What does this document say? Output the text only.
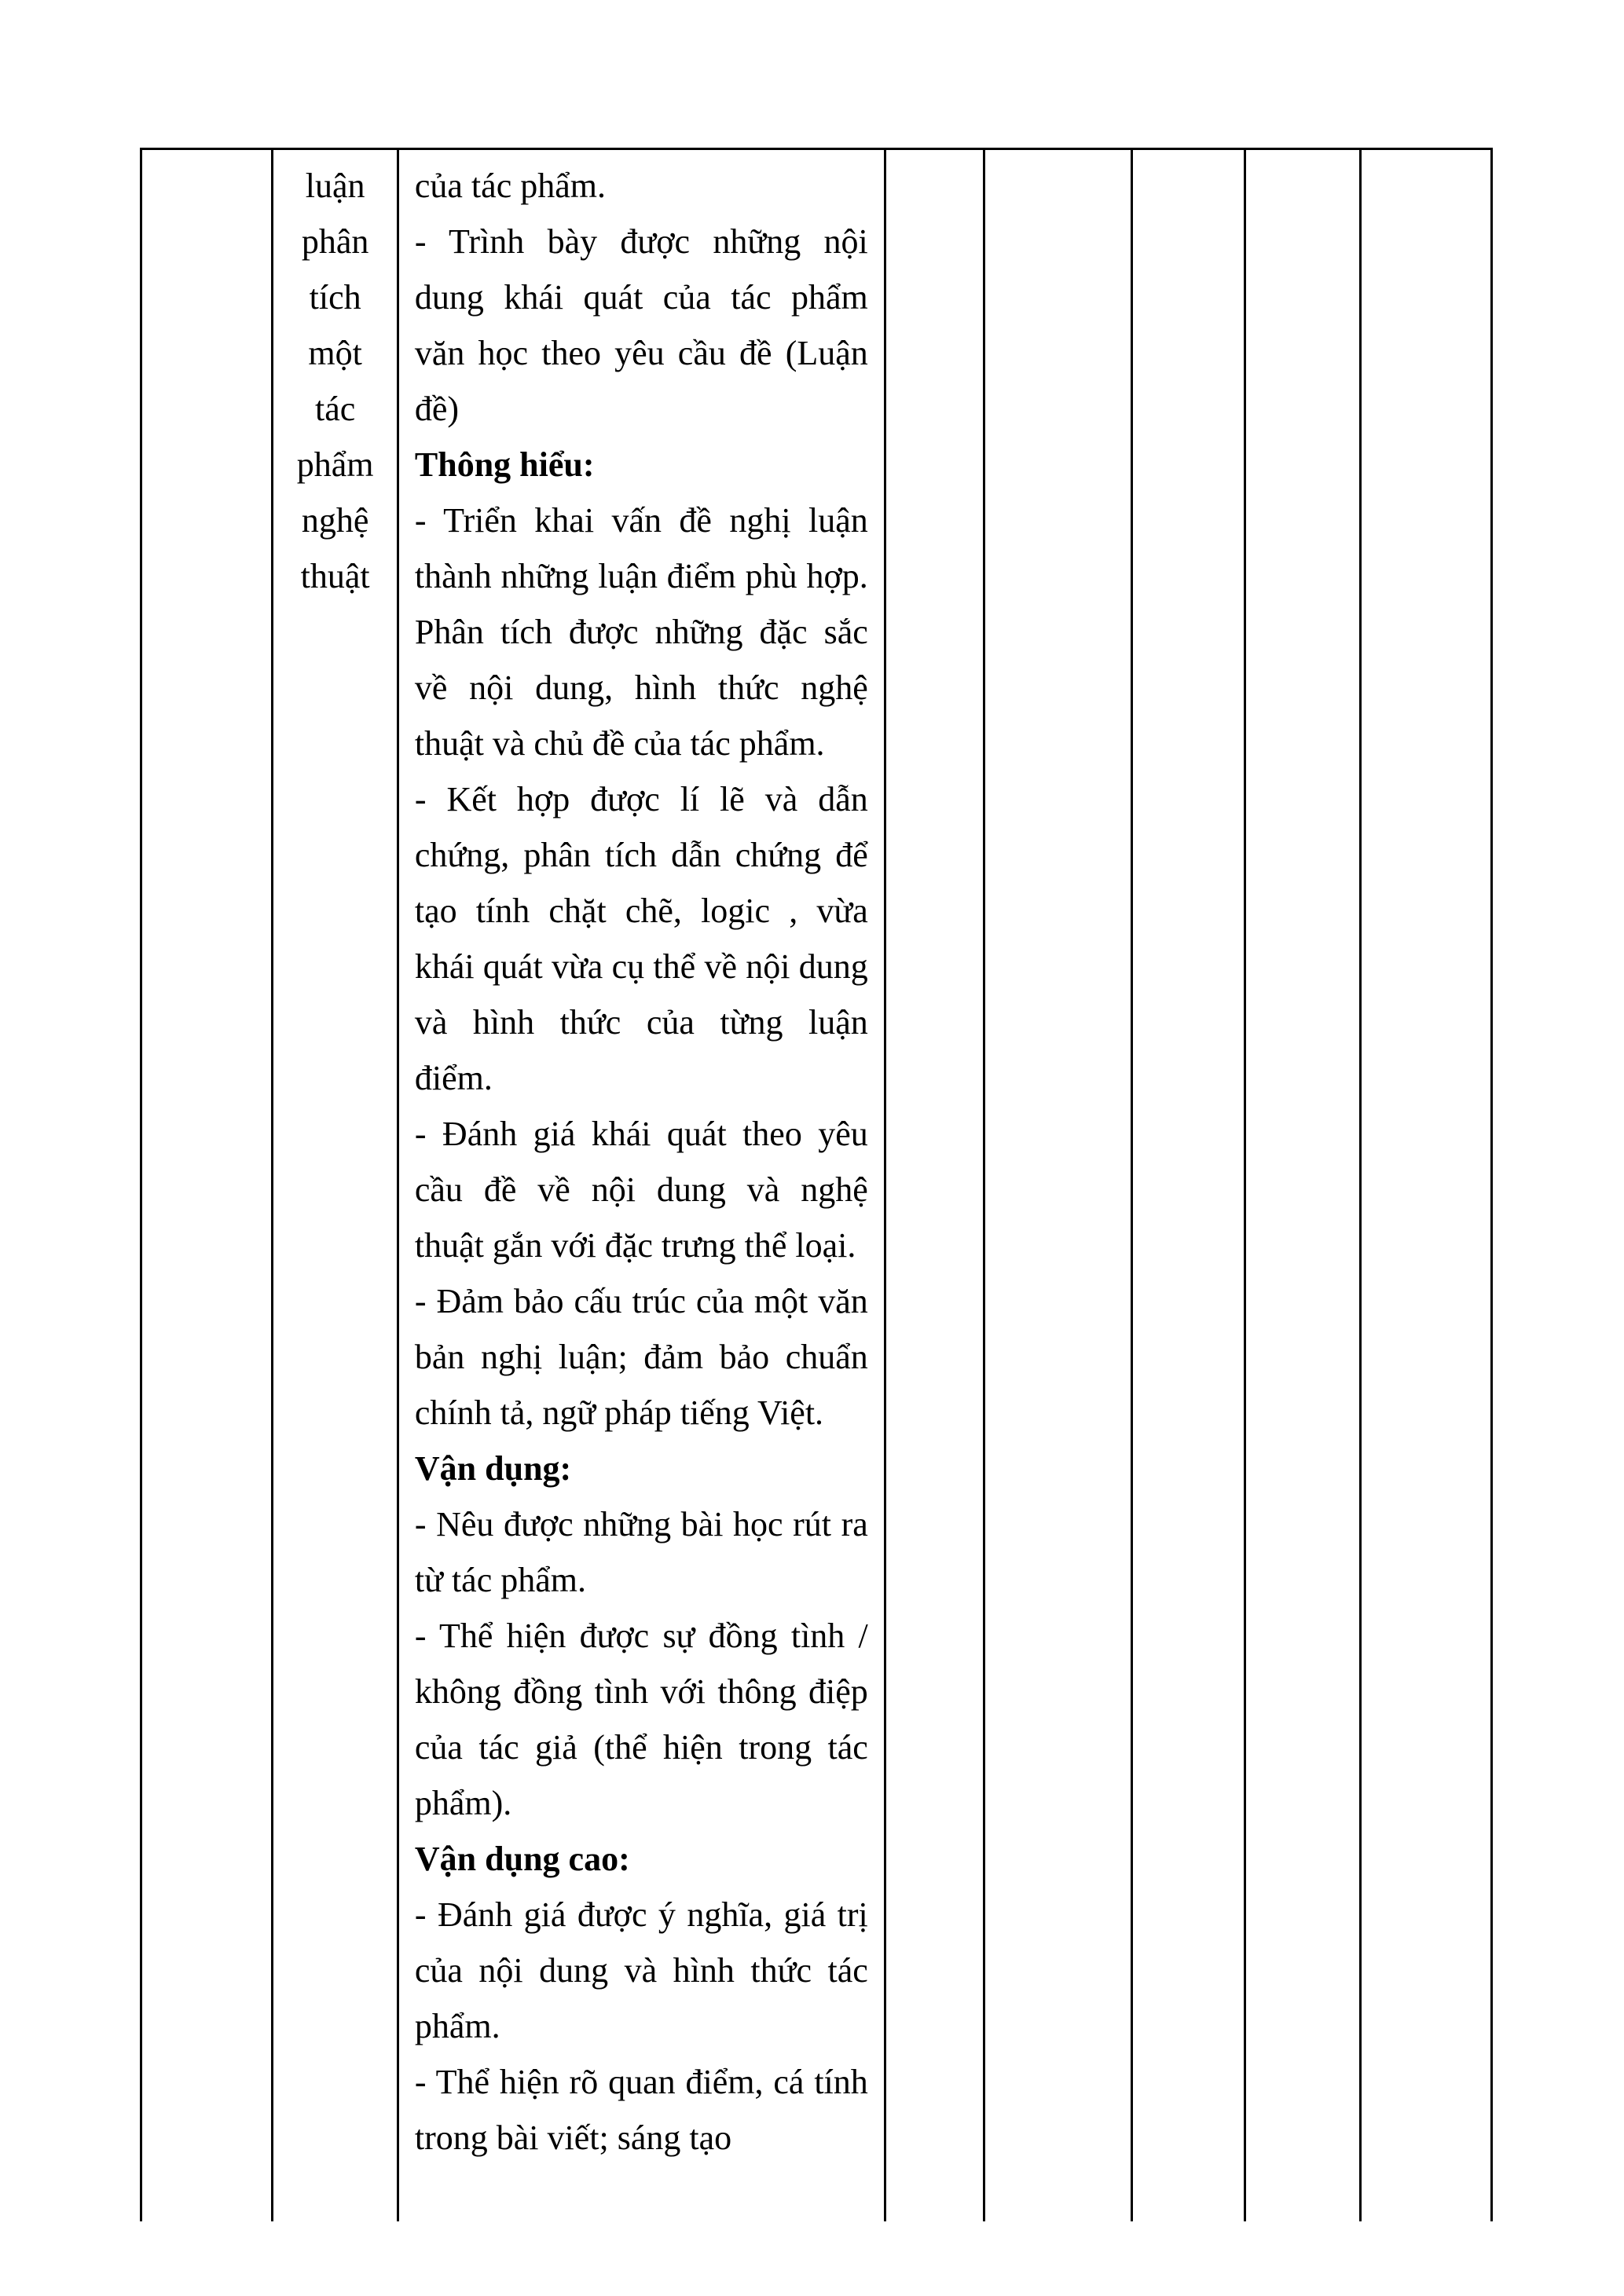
luận
phân
tích
một
tác
phẩm
nghệ
thuật
của tác phẩm.
- Trình bày được những nội dung khái quát của tác phẩm văn học theo yêu cầu đề (Luận đề)
Thông hiểu:
- Triển khai vấn đề nghị luận thành những luận điểm phù hợp. Phân tích được những đặc sắc về nội dung, hình thức nghệ thuật và chủ đề của tác phẩm.
- Kết hợp được lí lẽ và dẫn chứng, phân tích dẫn chứng để tạo tính chặt chẽ, logic , vừa khái quát vừa cụ thể về nội dung và hình thức của từng luận điểm.
- Đánh giá khái quát theo yêu cầu đề về nội dung và nghệ thuật gắn với đặc trưng thể loại.
- Đảm bảo cấu trúc của một văn bản nghị luận; đảm bảo chuẩn chính tả, ngữ pháp tiếng Việt.
Vận dụng:
- Nêu được những bài học rút ra từ tác phẩm.
- Thể hiện được sự đồng tình / không đồng tình với thông điệp của tác giả (thể hiện trong tác phẩm).
Vận dụng cao:
- Đánh giá được ý nghĩa, giá trị của nội dung và hình thức tác phẩm.
- Thể hiện rõ quan điểm, cá tính trong bài viết; sáng tạo
